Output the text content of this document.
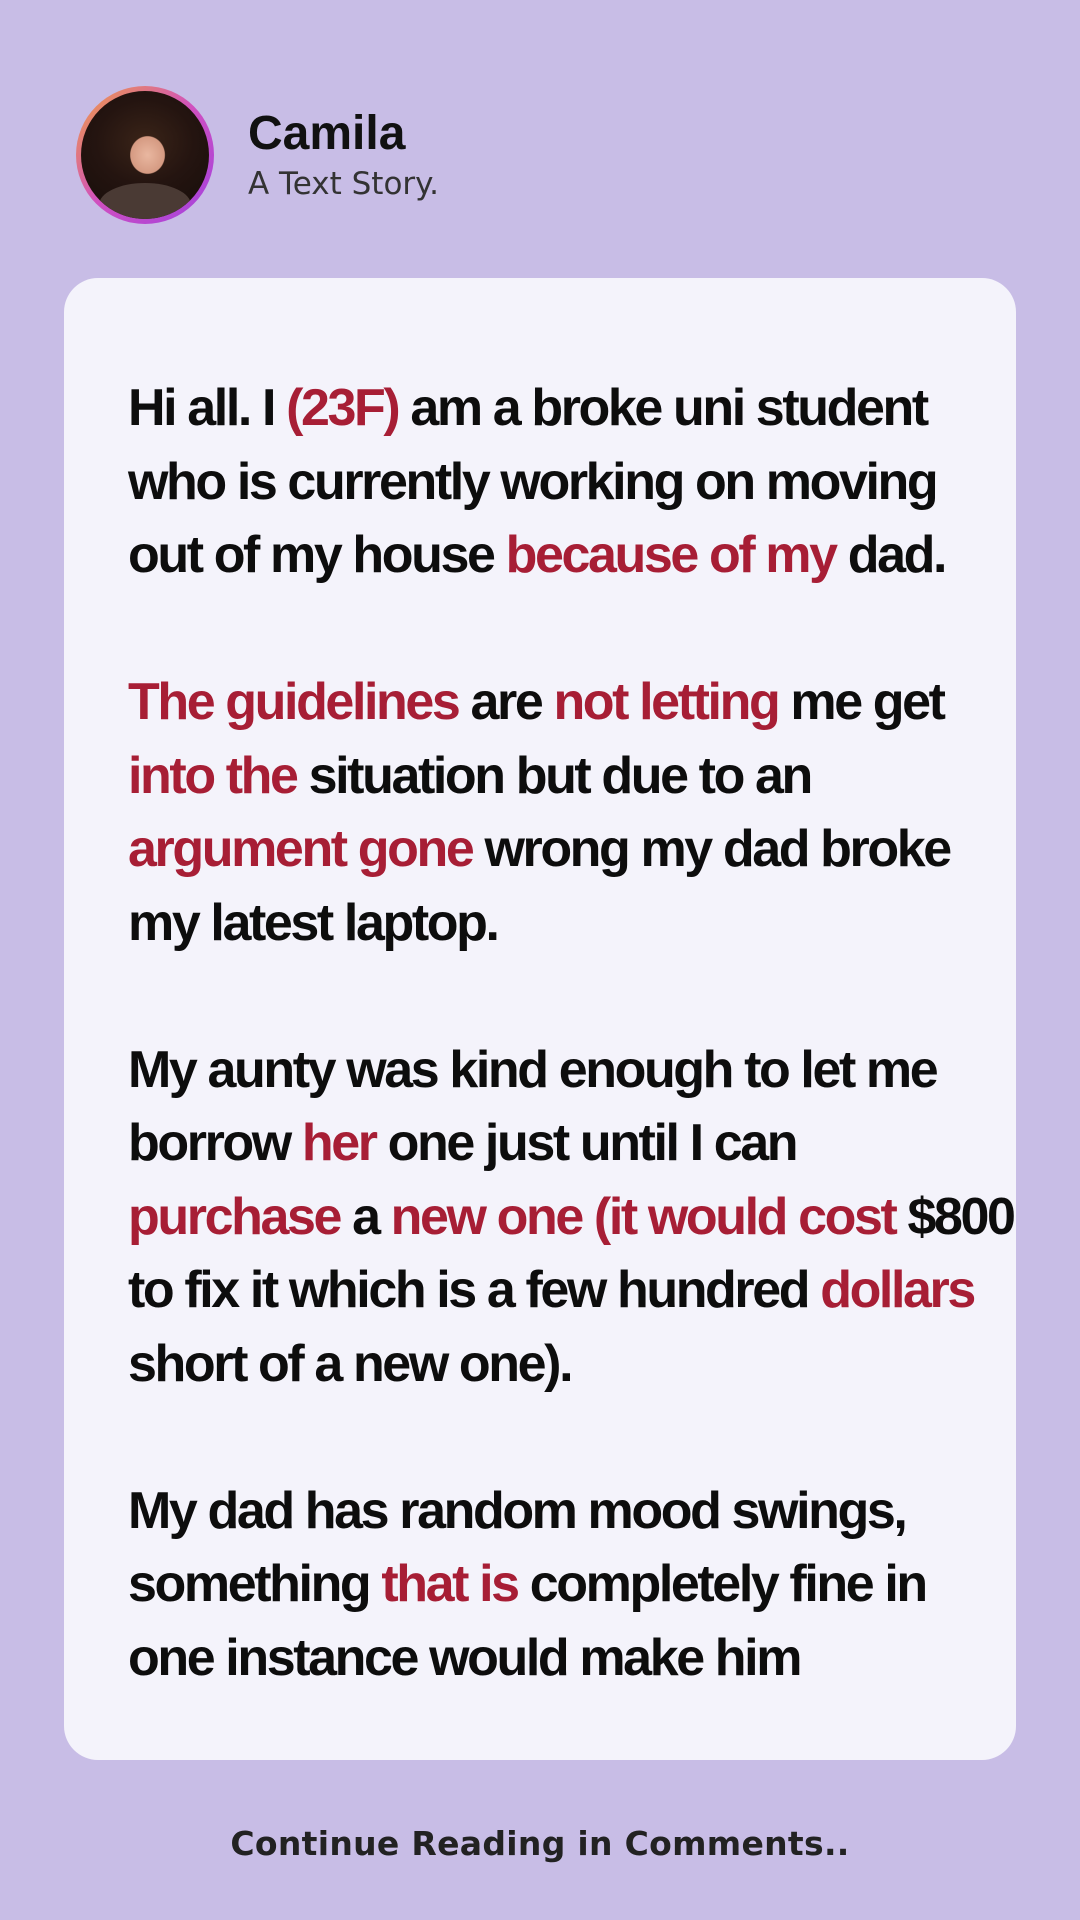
Camila
A Text Story.

Hi all. I (23F) am a broke uni student who is currently working on moving out of my house because of my dad.

The guidelines are not letting me get into the situation but due to an argument gone wrong my dad broke my latest laptop.

My aunty was kind enough to let me borrow her one just until I can purchase a new one (it would cost $800 to fix it which is a few hundred dollars short of a new one).

My dad has random mood swings, something that is completely fine in one instance would make him

Continue Reading in Comments..
